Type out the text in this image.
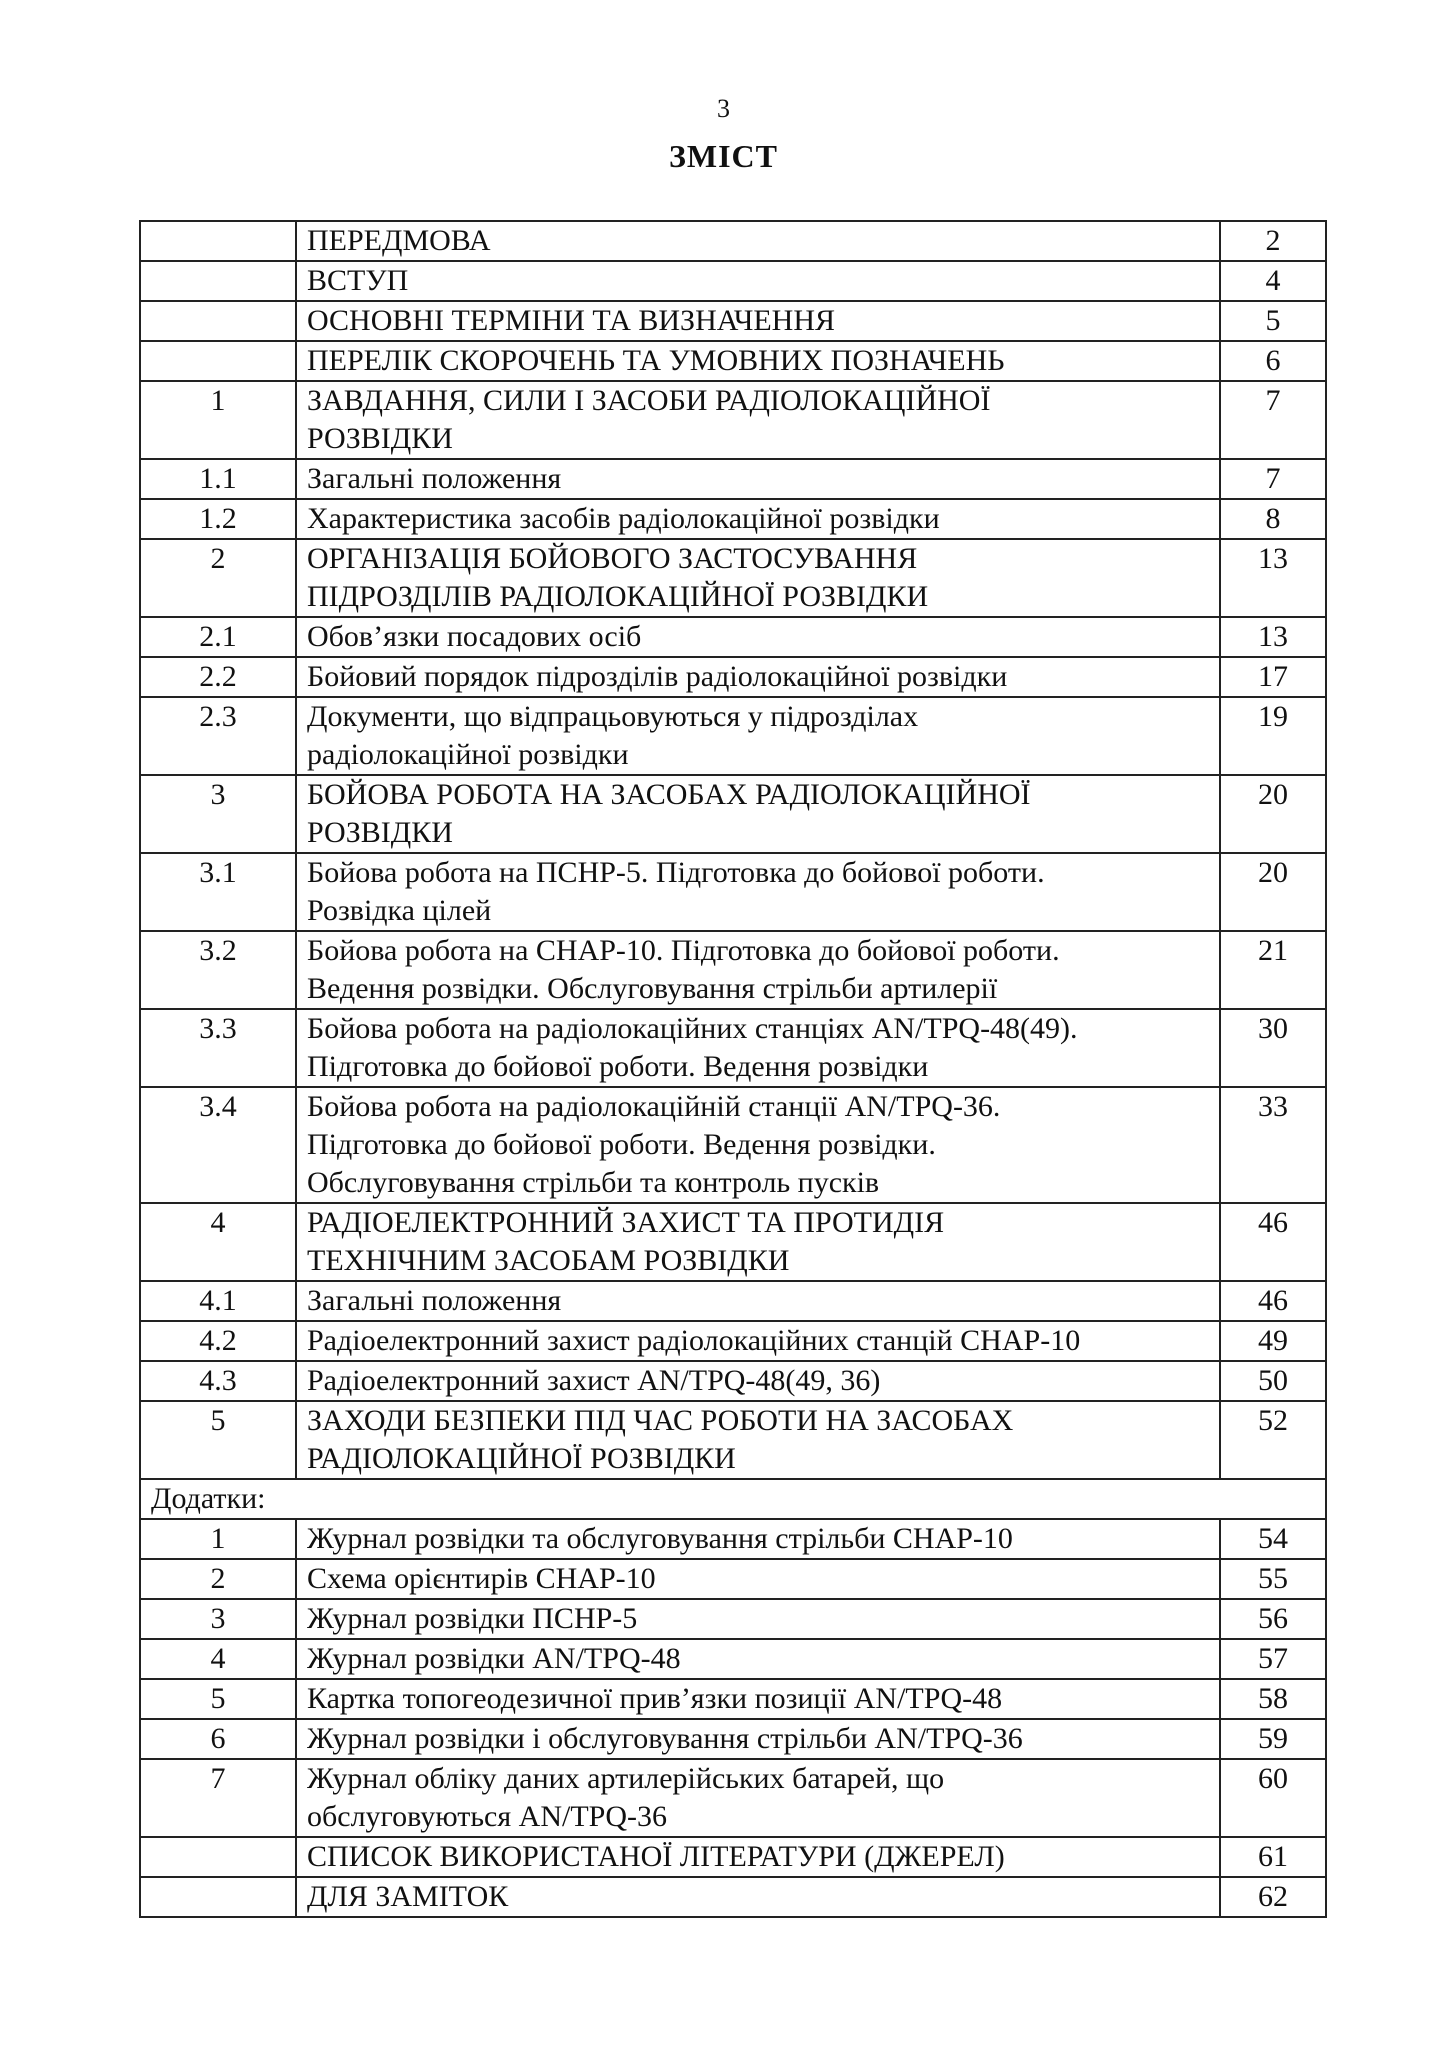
3
ЗМІСТ
	ПЕРЕДМОВА	2
	ВСТУП	4
	ОСНОВНІ ТЕРМІНИ ТА ВИЗНАЧЕННЯ	5
	ПЕРЕЛІК СКОРОЧЕНЬ ТА УМОВНИХ ПОЗНАЧЕНЬ	6
1	ЗАВДАННЯ, СИЛИ І ЗАСОБИ РАДІОЛОКАЦІЙНОЇ
РОЗВІДКИ	7
1.1	Загальні положення	7
1.2	Характеристика засобів радіолокаційної розвідки	8
2	ОРГАНІЗАЦІЯ БОЙОВОГО ЗАСТОСУВАННЯ
ПІДРОЗДІЛІВ РАДІОЛОКАЦІЙНОЇ РОЗВІДКИ	13
2.1	Обов’язки посадових осіб	13
2.2	Бойовий порядок підрозділів радіолокаційної розвідки	17
2.3	Документи, що відпрацьовуються у підрозділах
радіолокаційної розвідки	19
3	БОЙОВА РОБОТА НА ЗАСОБАХ РАДІОЛОКАЦІЙНОЇ
РОЗВІДКИ	20
3.1	Бойова робота на ПСНР-5. Підготовка до бойової роботи.
Розвідка цілей	20
3.2	Бойова робота на СНАР-10. Підготовка до бойової роботи.
Ведення розвідки. Обслуговування стрільби артилерії	21
3.3	Бойова робота на радіолокаційних станціях AN/TPQ-48(49).
Підготовка до бойової роботи. Ведення розвідки	30
3.4	Бойова робота на радіолокаційній станції AN/TPQ-36.
Підготовка до бойової роботи. Ведення розвідки.
Обслуговування стрільби та контроль пусків	33
4	РАДІОЕЛЕКТРОННИЙ ЗАХИСТ ТА ПРОТИДІЯ
ТЕХНІЧНИМ ЗАСОБАМ РОЗВІДКИ	46
4.1	Загальні положення	46
4.2	Радіоелектронний захист радіолокаційних станцій СНАР-10	49
4.3	Радіоелектронний захист AN/TPQ-48(49, 36)	50
5	ЗАХОДИ БЕЗПЕКИ ПІД ЧАС РОБОТИ НА ЗАСОБАХ
РАДІОЛОКАЦІЙНОЇ РОЗВІДКИ	52
Додатки:		
1	Журнал розвідки та обслуговування стрільби СНАР-10	54
2	Схема орієнтирів СНАР-10	55
3	Журнал розвідки ПСНР-5	56
4	Журнал розвідки AN/TPQ-48	57
5	Картка топогеодезичної прив’язки позиції AN/TPQ-48	58
6	Журнал розвідки і обслуговування стрільби AN/TPQ-36	59
7	Журнал обліку даних артилерійських батарей, що
обслуговуються AN/TPQ-36	60
	СПИСОК ВИКОРИСТАНОЇ ЛІТЕРАТУРИ (ДЖЕРЕЛ)	61
	ДЛЯ ЗАМІТОК	62
